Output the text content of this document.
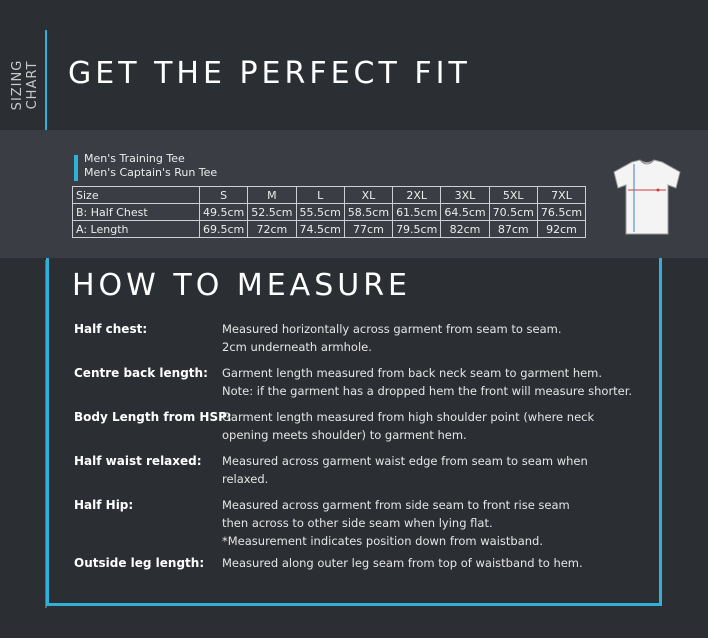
SIZING CHART GET THE PERFECT FIT
Men's Training Tee
Men's Captain's Run Tee
Size	S	M	L	XL	2XL	3XL	5XL	7XL
B: Half Chest	49.5cm	52.5cm	55.5cm	58.5cm	61.5cm	64.5cm	70.5cm	76.5cm
A: Length	69.5cm	72cm	74.5cm	77cm	79.5cm	82cm	87cm	92cm
HOW TO MEASURE
Half chest:	Measured horizontally across garment from seam to seam.
2cm underneath armhole.
Centre back length: Garment length measured from back neck seam to garment hem.
Note: if the garment has a dropped hem the front will measure shorter.
Body Length from HSP:
Garment length measured from high shoulder point (where neck
opening meets shoulder) to garment hem.
Half waist relaxed: Measured across garment waist edge from seam to seam when
relaxed.
Half Hip:	Measured across garment from side seam to front rise seam
then across to other side seam when lying flat.
*Measurement indicates position down from waistband.
Outside leg length: Measured along outer leg seam from top of waistband to hem.
